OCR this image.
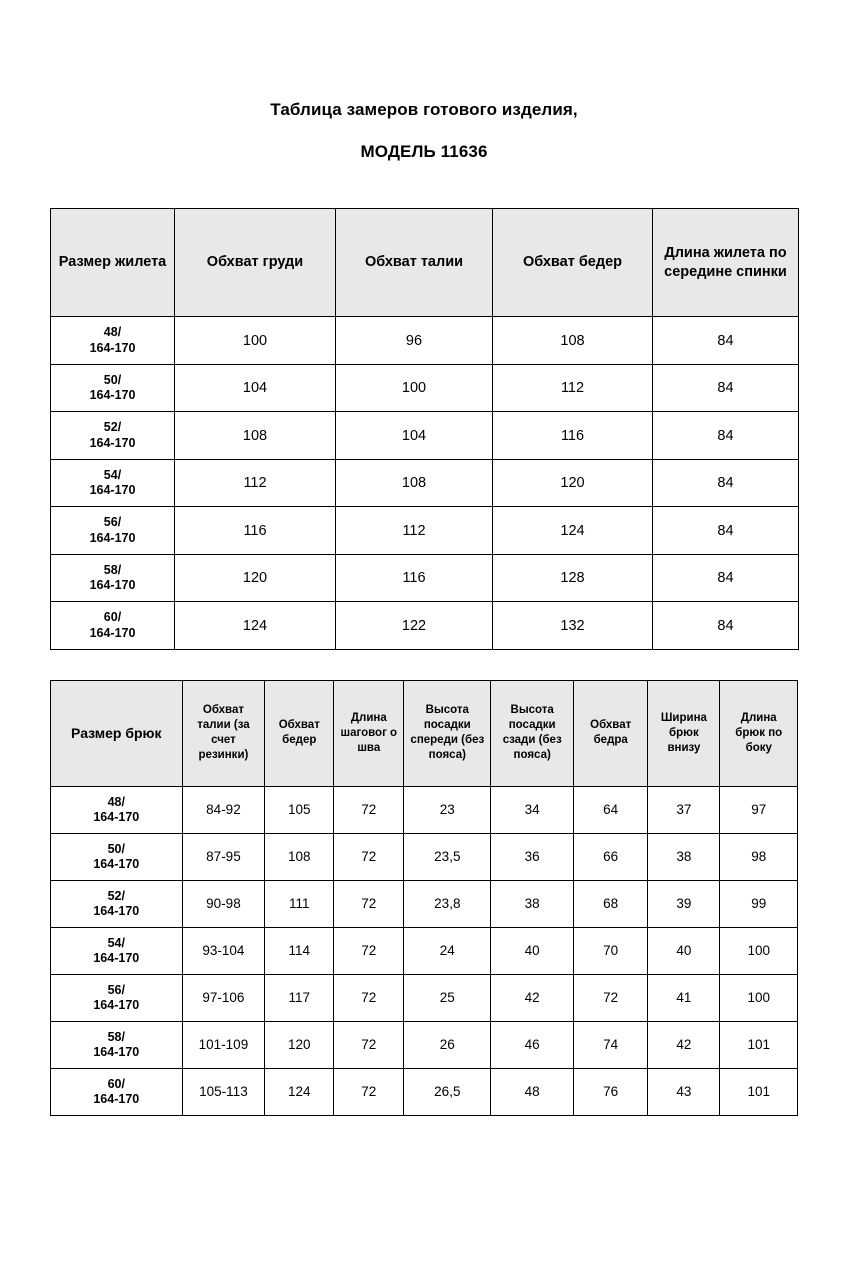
Таблица замеров готового изделия,
МОДЕЛЬ 11636
Размер жилета	Обхват груди	Обхват талии	Обхват бедер	Длина жилета по середине спинки
48/
164-170	100	96	108	84
50/
164-170	104	100	112	84
52/
164-170	108	104	116	84
54/
164-170	112	108	120	84
56/
164-170	116	112	124	84
58/
164-170	120	116	128	84
60/
164-170	124	122	132	84
Размер брюк	Обхват талии (за счет резинки)	Обхват бедер	Длина шаговог о шва	Высота посадки спереди (без пояса)	Высота посадки сзади (без пояса)	Обхват бедра	Ширина брюк внизу	Длина брюк по боку
48/
164-170	84-92	105	72	23	34	64	37	97
50/
164-170	87-95	108	72	23,5	36	66	38	98
52/
164-170	90-98	111	72	23,8	38	68	39	99
54/
164-170	93-104	114	72	24	40	70	40	100
56/
164-170	97-106	117	72	25	42	72	41	100
58/
164-170	101-109	120	72	26	46	74	42	101
60/
164-170	105-113	124	72	26,5	48	76	43	101
